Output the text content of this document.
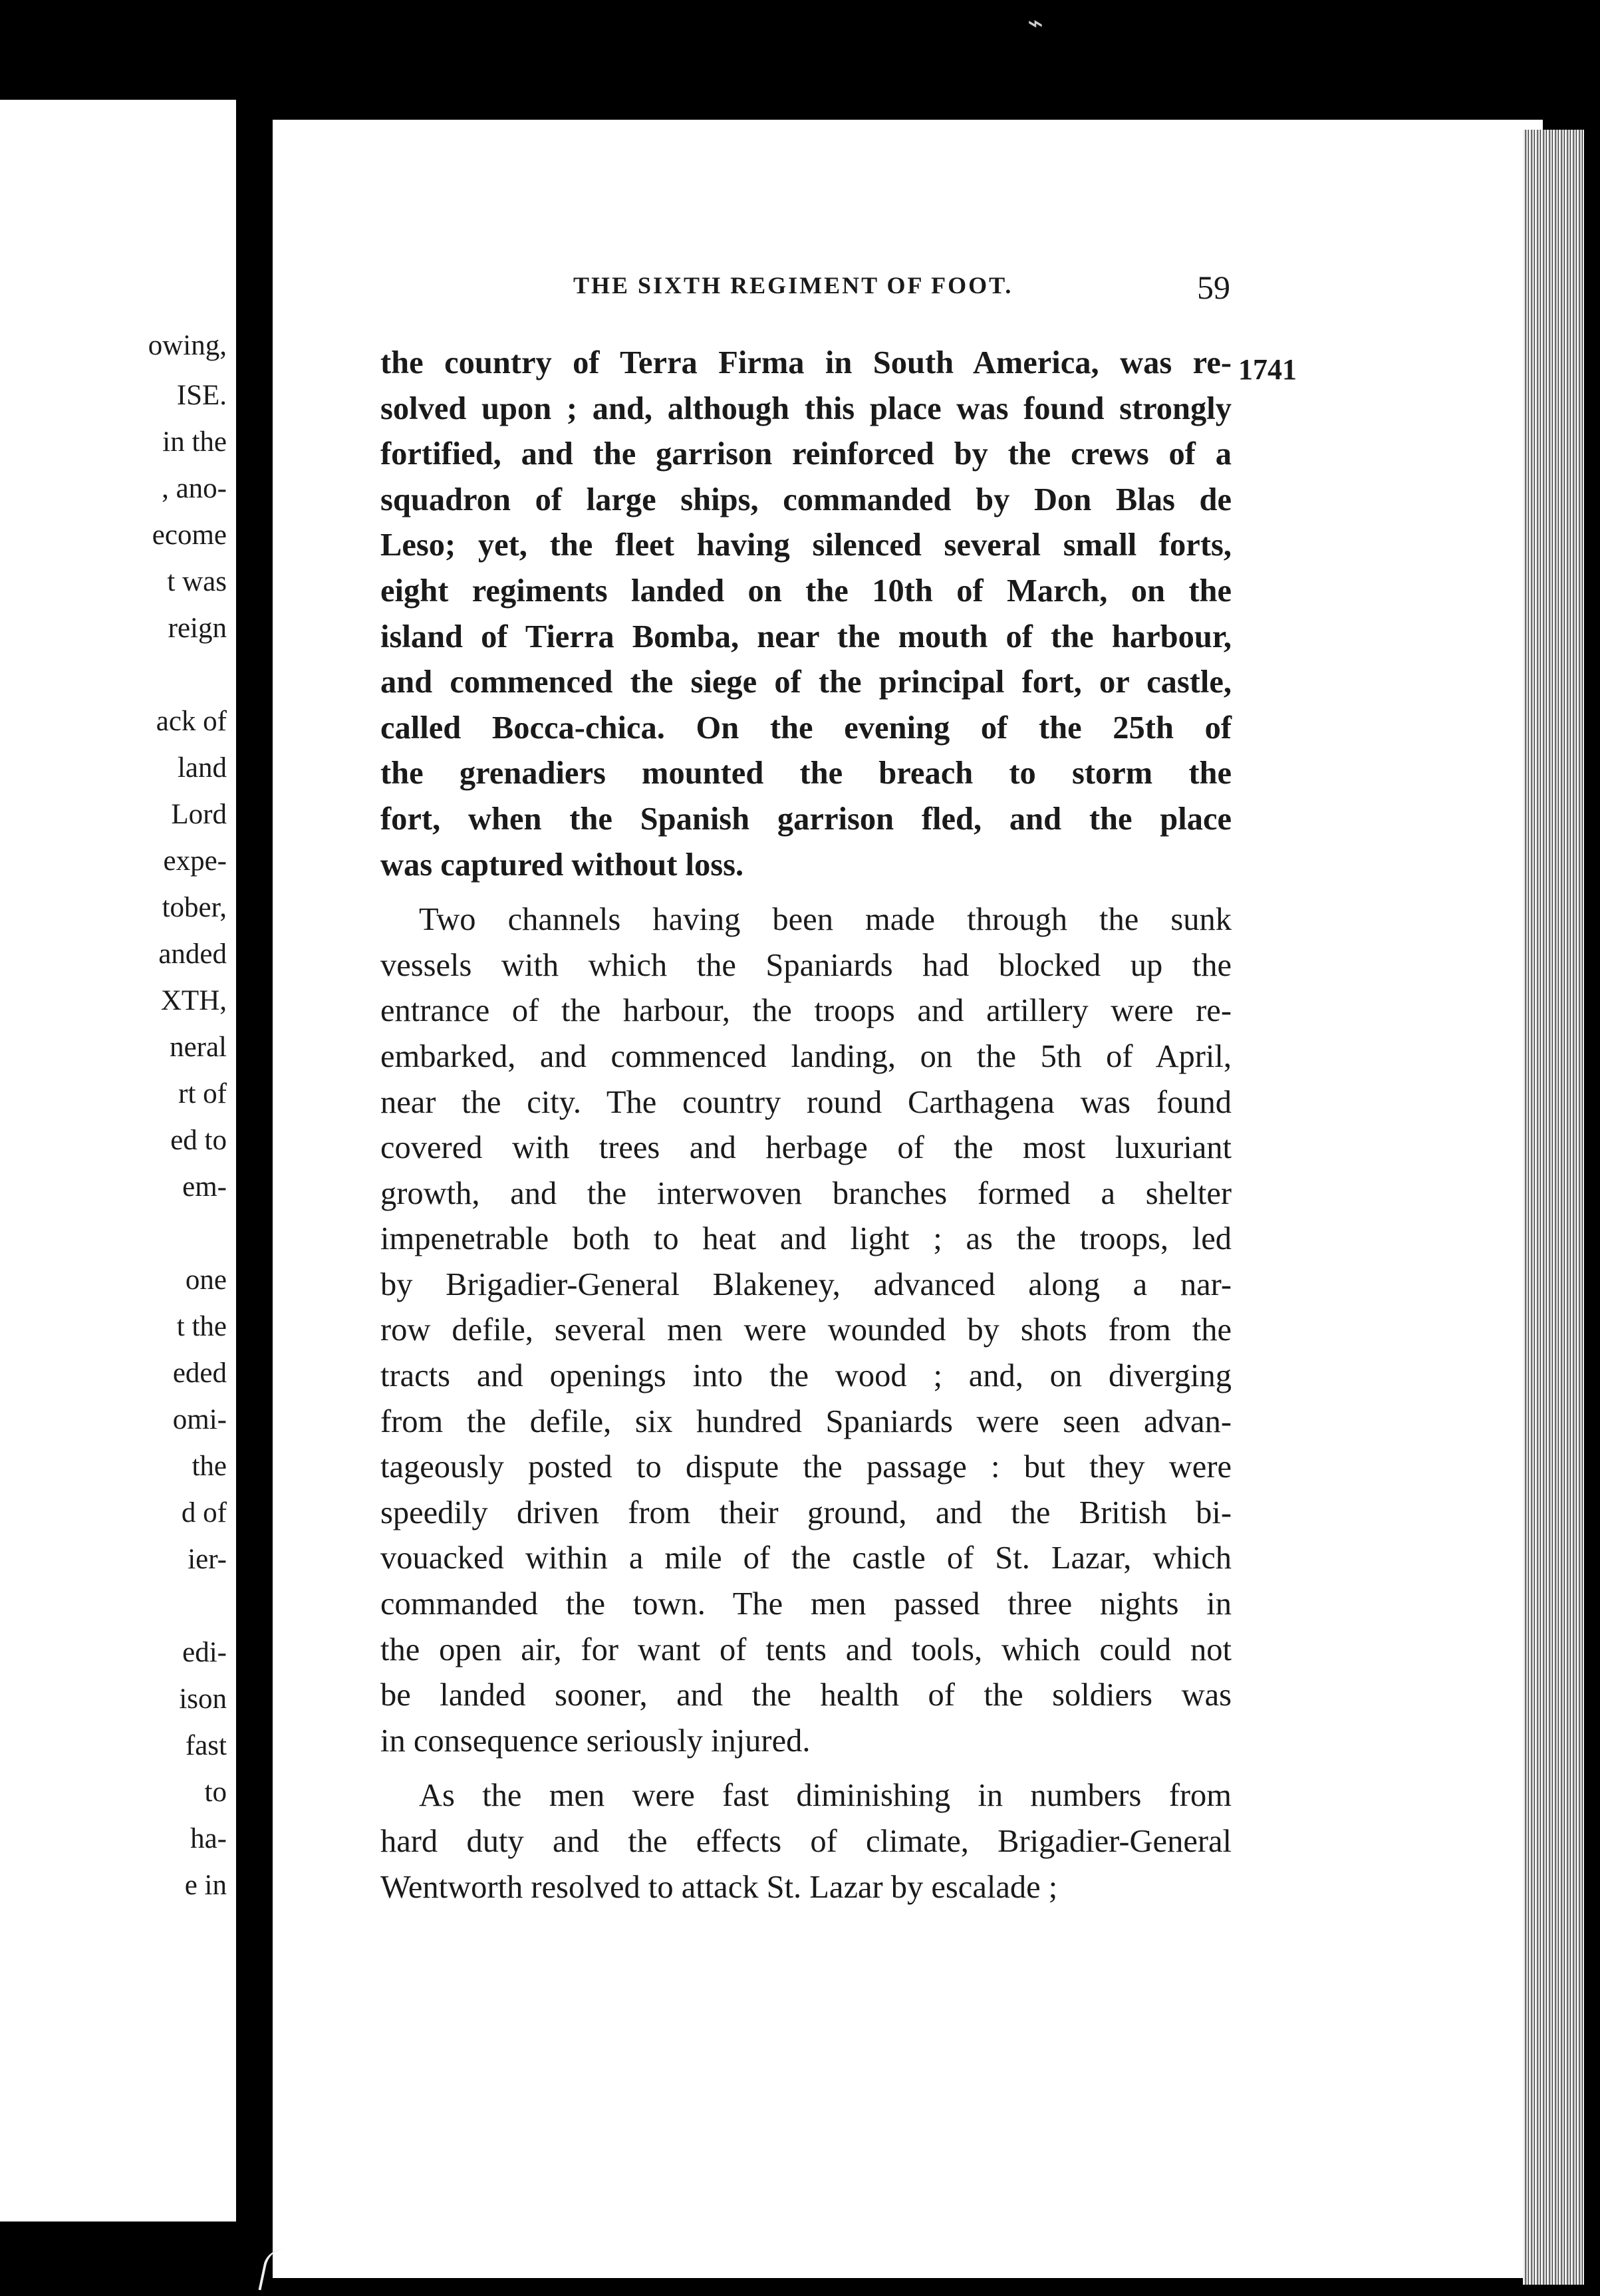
⌁
owing,
ISE.
in the
, ano-
ecome
t was
reign
ack of
land
Lord
expe-
tober,
anded
XTH,
neral
rt of
ed to
em-
one
t the
eded
omi-
the
d of
ier-
edi-
ison
fast
to
ha-
e in
THE SIXTH REGIMENT OF FOOT.	59
1741
the country of Terra Firma in South America, was re-
solved upon ; and, although this place was found strongly
fortified, and the garrison reinforced by the crews of a
squadron of large ships, commanded by Don Blas de
Leso; yet, the fleet having silenced several small forts,
eight regiments landed on the 10th of March, on the
island of Tierra Bomba, near the mouth of the harbour,
and commenced the siege of the principal fort, or castle,
called Bocca-chica. On the evening of the 25th of
the grenadiers mounted the breach to storm the
fort, when the Spanish garrison fled, and the place
was captured without loss.
Two channels having been made through the sunk
vessels with which the Spaniards had blocked up the
entrance of the harbour, the troops and artillery were re-
embarked, and commenced landing, on the 5th of April,
near the city. The country round Carthagena was found
covered with trees and herbage of the most luxuriant
growth, and the interwoven branches formed a shelter
impenetrable both to heat and light ; as the troops, led
by Brigadier-General Blakeney, advanced along a nar-
row defile, several men were wounded by shots from the
tracts and openings into the wood ; and, on diverging
from the defile, six hundred Spaniards were seen advan-
tageously posted to dispute the passage : but they were
speedily driven from their ground, and the British bi-
vouacked within a mile of the castle of St. Lazar, which
commanded the town. The men passed three nights in
the open air, for want of tents and tools, which could not
be landed sooner, and the health of the soldiers was
in consequence seriously injured.
As the men were fast diminishing in numbers from
hard duty and the effects of climate, Brigadier-General
Wentworth resolved to attack St. Lazar by escalade ;
